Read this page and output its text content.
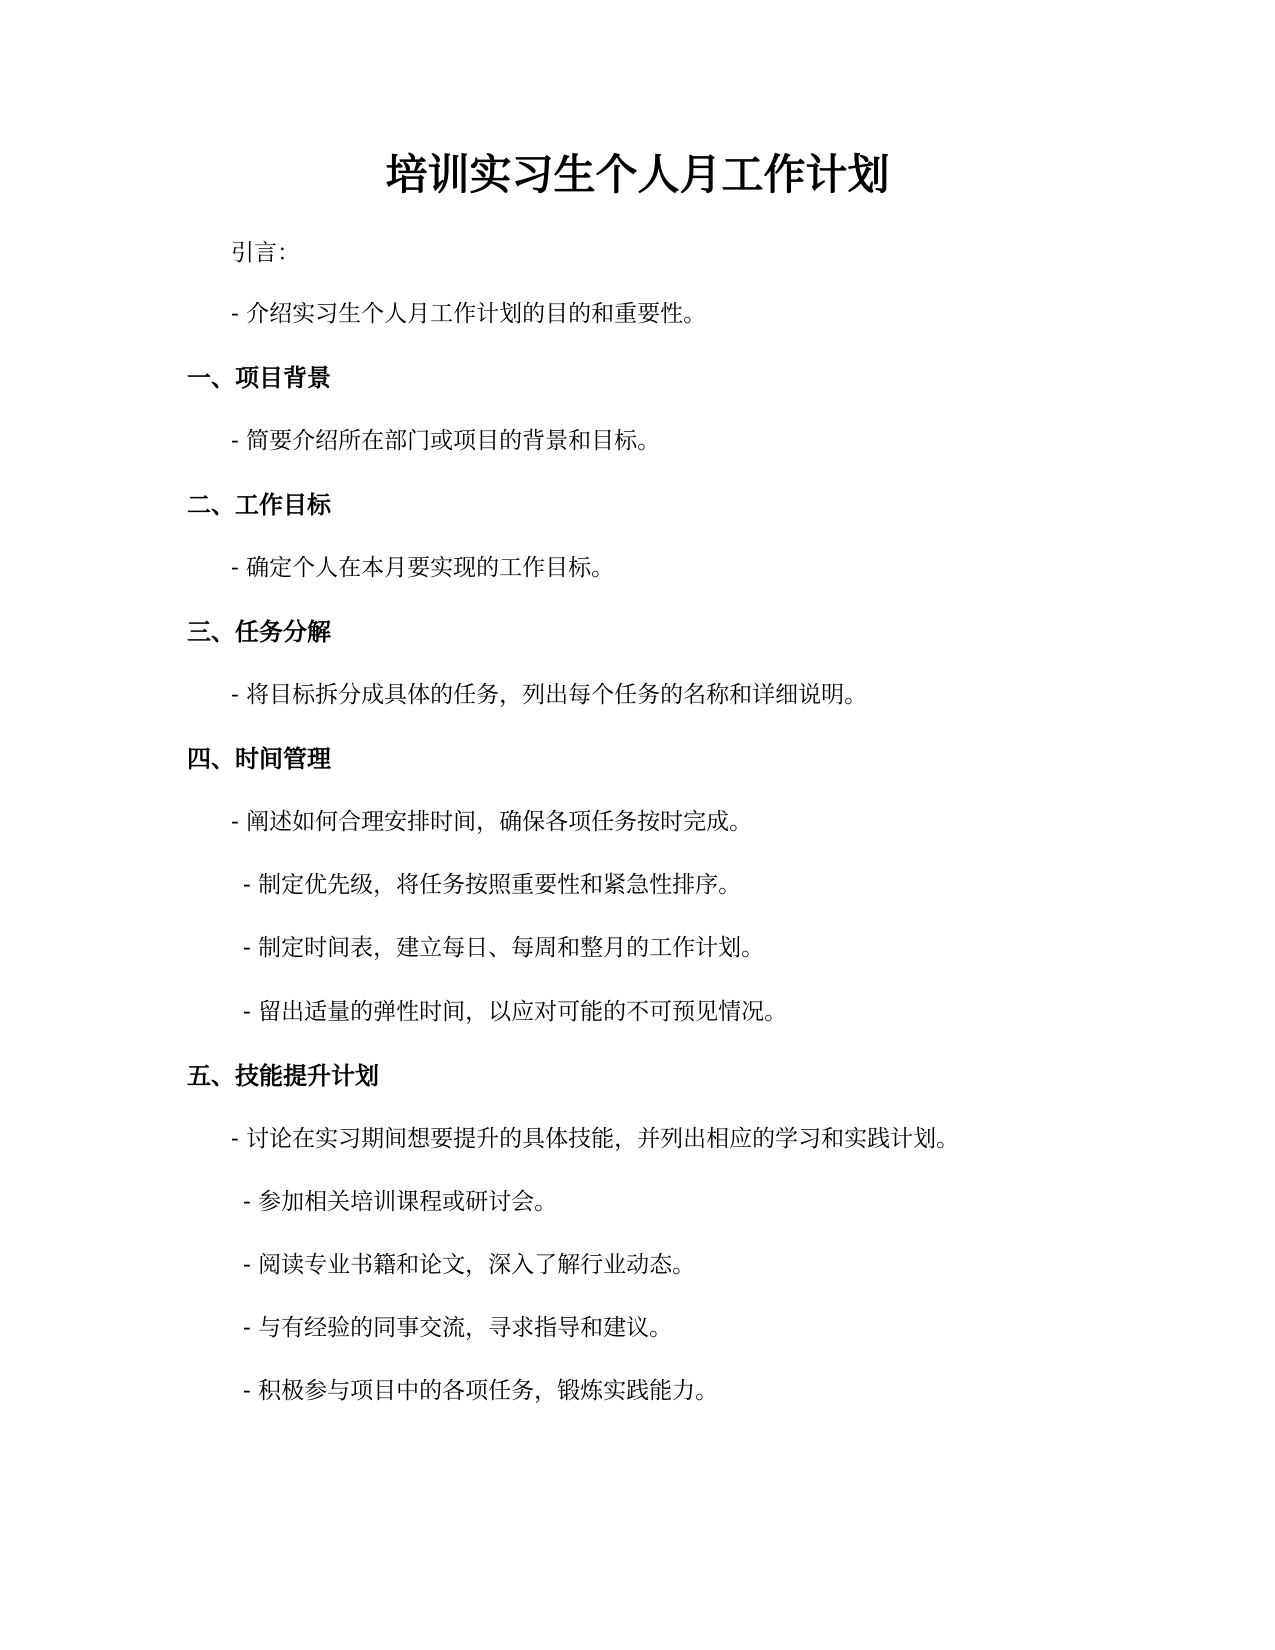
培训实习生个人月工作计划

引言：

- 介绍实习生个人月工作计划的目的和重要性。

一、项目背景

- 简要介绍所在部门或项目的背景和目标。

二、工作目标

- 确定个人在本月要实现的工作目标。

三、任务分解

- 将目标拆分成具体的任务，列出每个任务的名称和详细说明。

四、时间管理

- 阐述如何合理安排时间，确保各项任务按时完成。

- 制定优先级，将任务按照重要性和紧急性排序。

- 制定时间表，建立每日、每周和整月的工作计划。

- 留出适量的弹性时间，以应对可能的不可预见情况。

五、技能提升计划

- 讨论在实习期间想要提升的具体技能，并列出相应的学习和实践计划。

- 参加相关培训课程或研讨会。

- 阅读专业书籍和论文，深入了解行业动态。

- 与有经验的同事交流，寻求指导和建议。

- 积极参与项目中的各项任务，锻炼实践能力。
